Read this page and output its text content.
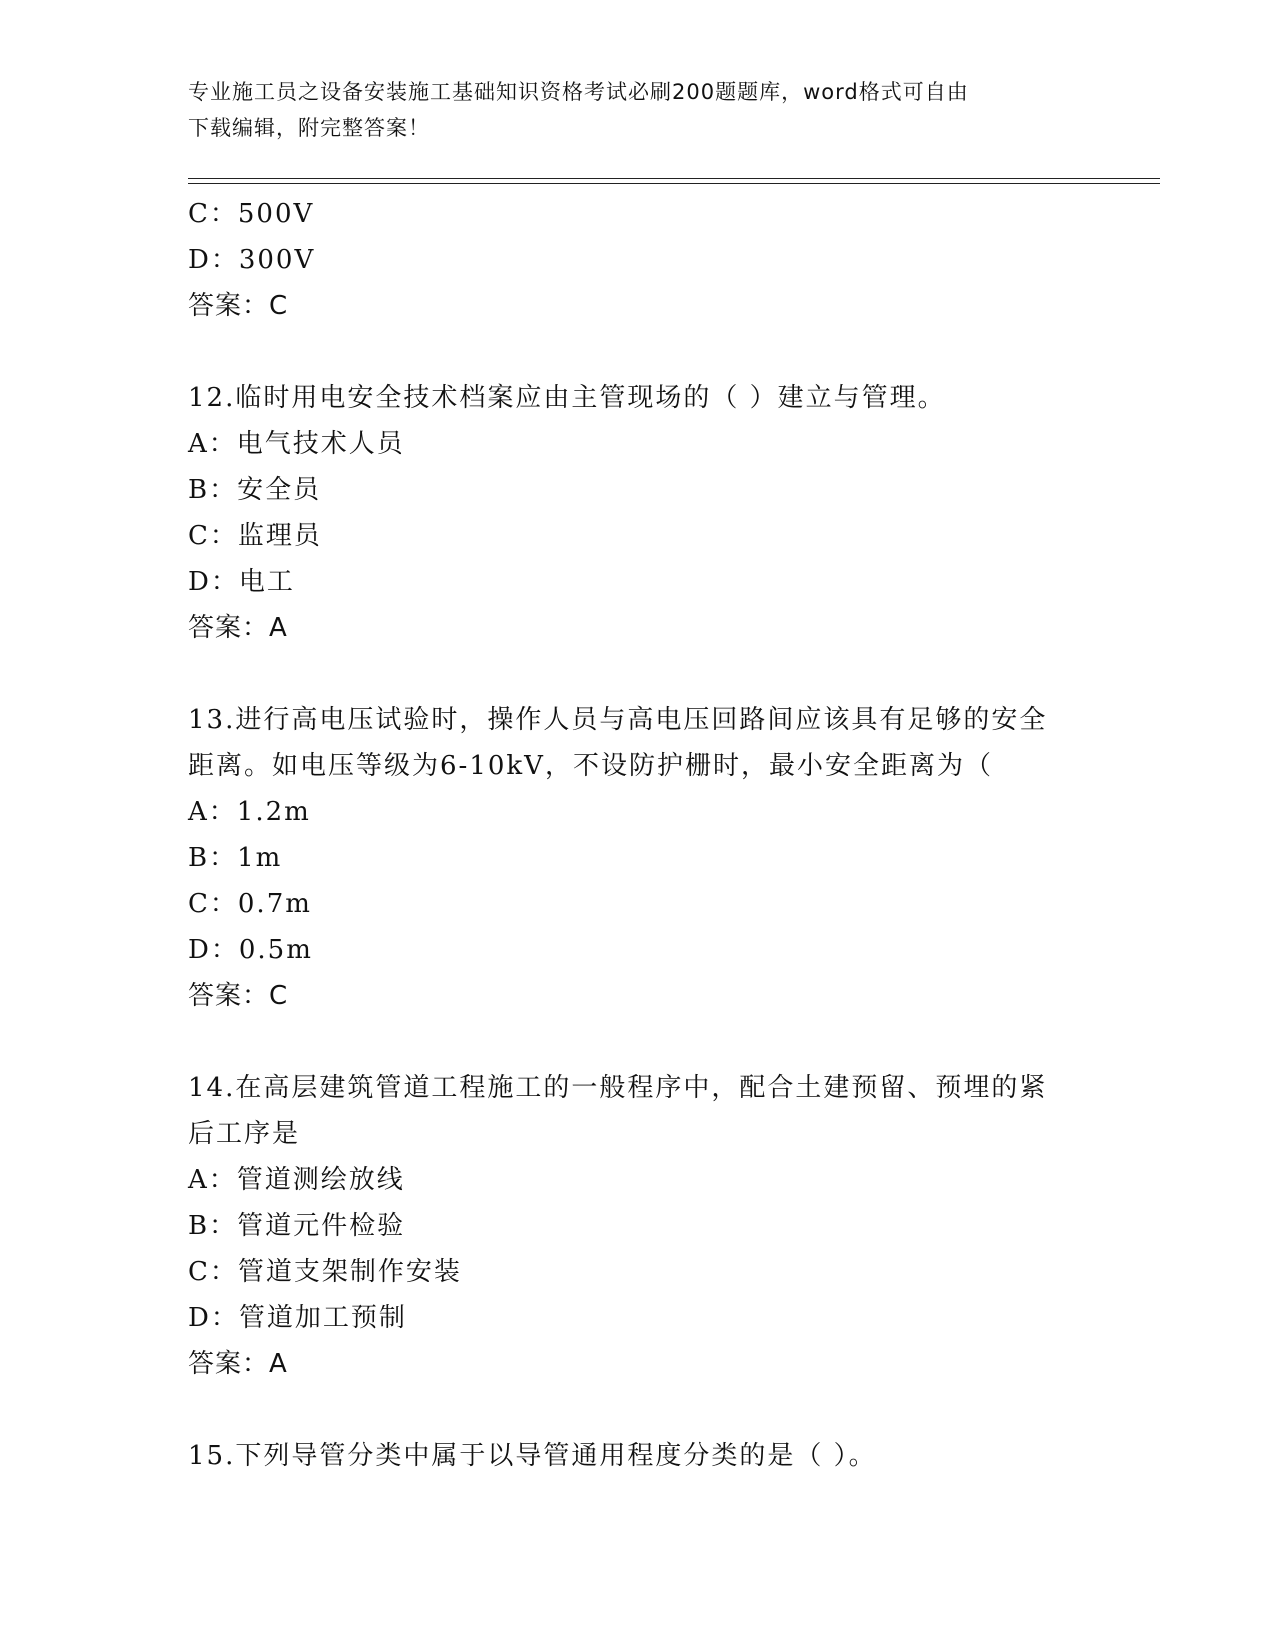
专业施工员之设备安装施工基础知识资格考试必刷200题题库，word格式可自由
下载编辑，附完整答案！
C：500V
D：300V
答案：C
12.临时用电安全技术档案应由主管现场的（ ）建立与管理。
A：电气技术人员
B：安全员
C：监理员
D：电工
答案：A
13.进行高电压试验时，操作人员与高电压回路间应该具有足够的安全
距离。如电压等级为6-10kV，不设防护栅时，最小安全距离为（
A：1.2m
B：1m
C：0.7m
D：0.5m
答案：C
14.在高层建筑管道工程施工的一般程序中，配合土建预留、预埋的紧
后工序是
A：管道测绘放线
B：管道元件检验
C：管道支架制作安装
D：管道加工预制
答案：A
15.下列导管分类中属于以导管通用程度分类的是（ ）。
